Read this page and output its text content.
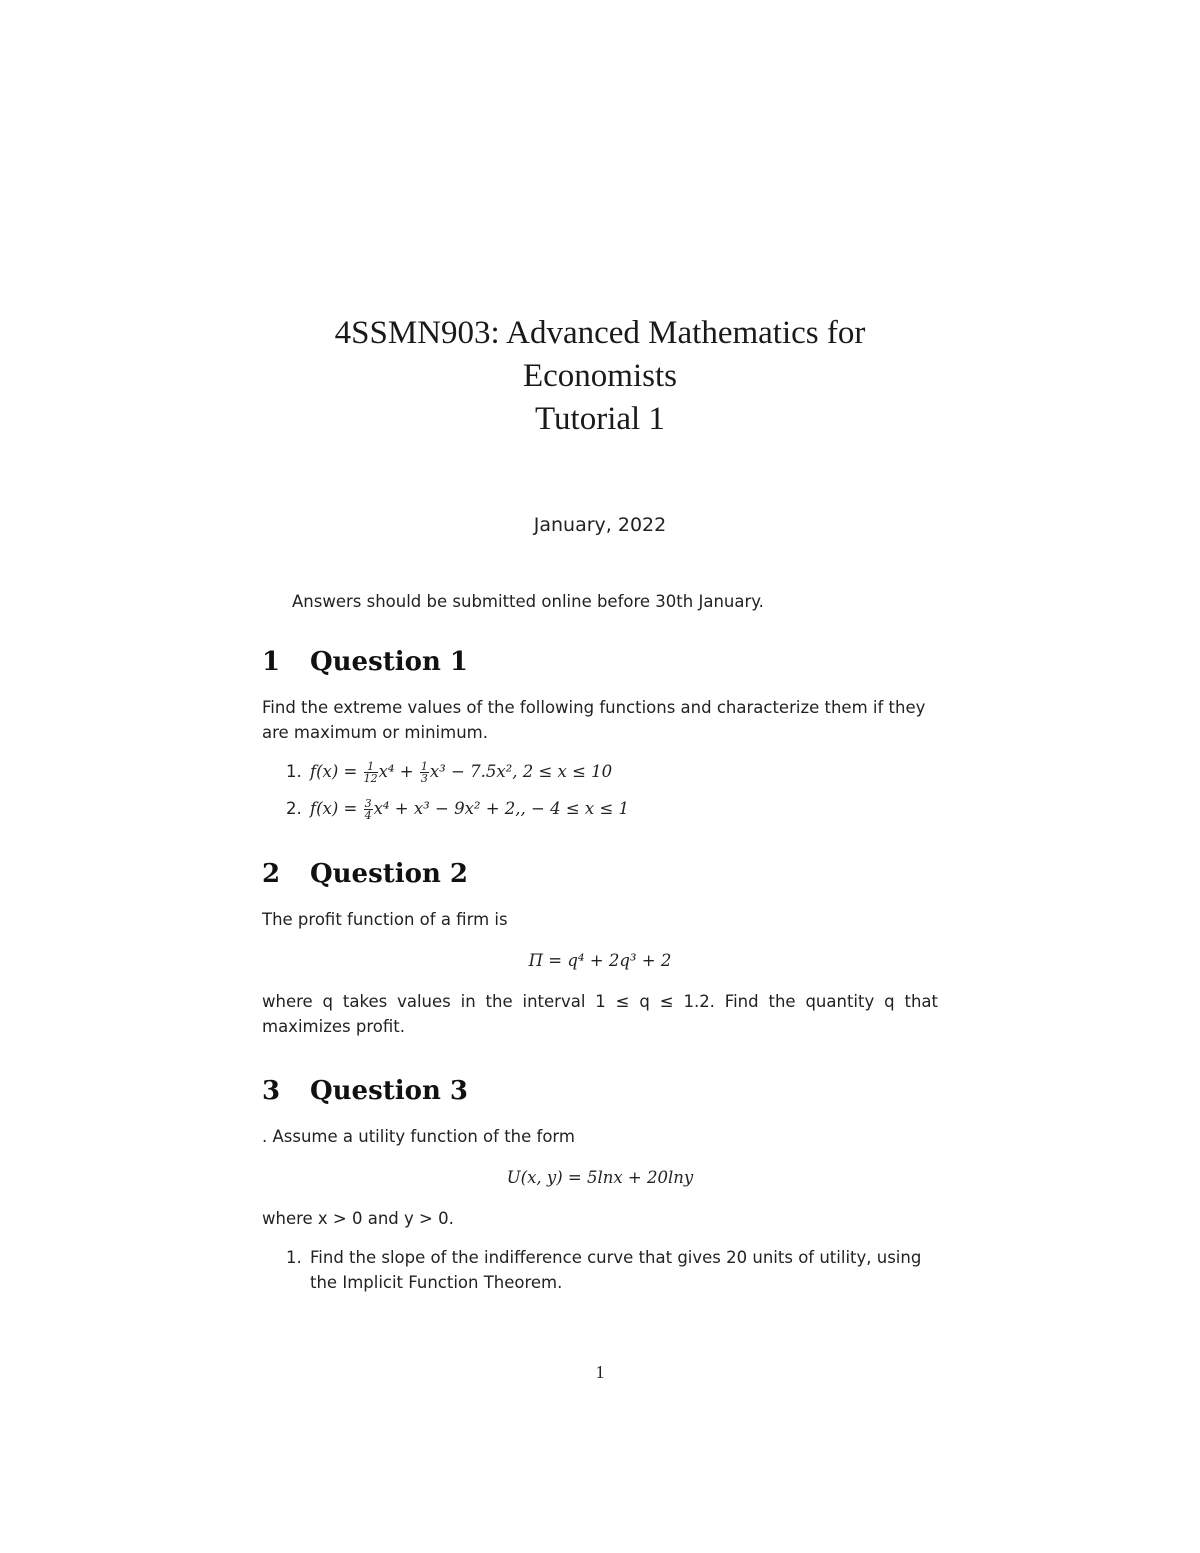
4SSMN903: Advanced Mathematics for
Economists
Tutorial 1
January, 2022
Answers should be submitted online before 30th January.
1 Question 1
Find the extreme values of the following functions and characterize them if they are maximum or minimum.
1. $f(x) = \frac{1}{12} x^4 + \frac{1}{3} x^3 - 7.5x^2$, 2 ≤ x ≤ 10
2. $f(x) = \frac{3}{4} x^4 + x^3 - 9x^2 + 2$,, − 4 ≤ x ≤ 1
2 Question 2
The profit function of a firm is
Π = q⁴ + 2q³ + 2
where q takes values in the interval 1 ≤ q ≤ 1.2. Find the quantity q that maximizes profit.
3 Question 3
. Assume a utility function of the form
U(x, y) = 5lnx + 20lny
where x > 0 and y > 0.
1. Find the slope of the indifference curve that gives 20 units of utility, using the Implicit Function Theorem.
1
